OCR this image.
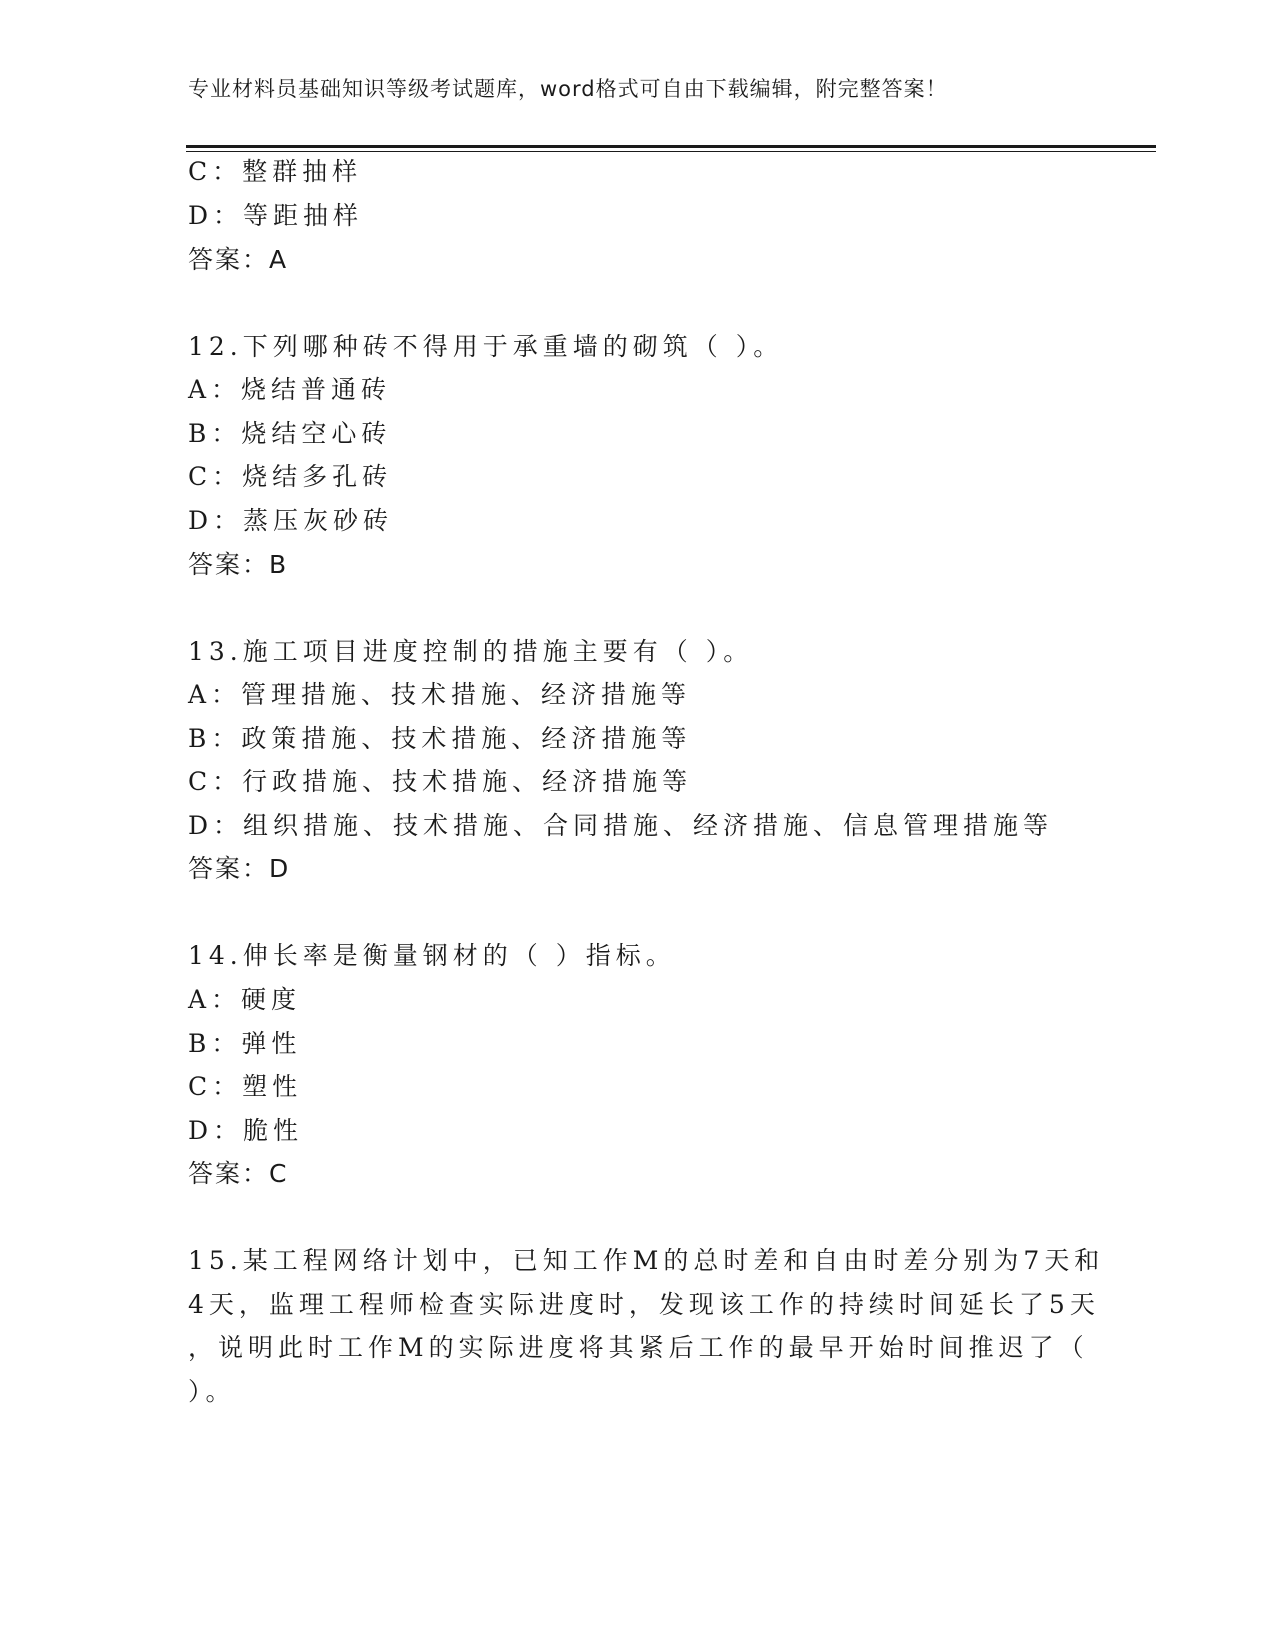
专业材料员基础知识等级考试题库，word格式可自由下载编辑，附完整答案！
C：整群抽样
D：等距抽样
答案：A
12.下列哪种砖不得用于承重墙的砌筑（ ）。
A：烧结普通砖
B：烧结空心砖
C：烧结多孔砖
D：蒸压灰砂砖
答案：B
13.施工项目进度控制的措施主要有（ ）。
A：管理措施、技术措施、经济措施等
B：政策措施、技术措施、经济措施等
C：行政措施、技术措施、经济措施等
D：组织措施、技术措施、合同措施、经济措施、信息管理措施等
答案：D
14.伸长率是衡量钢材的（ ）指标。
A：硬度
B：弹性
C：塑性
D：脆性
答案：C
15.某工程网络计划中，已知工作M的总时差和自由时差分别为7天和
4天，监理工程师检查实际进度时，发现该工作的持续时间延长了5天
，说明此时工作M的实际进度将其紧后工作的最早开始时间推迟了（
）。
